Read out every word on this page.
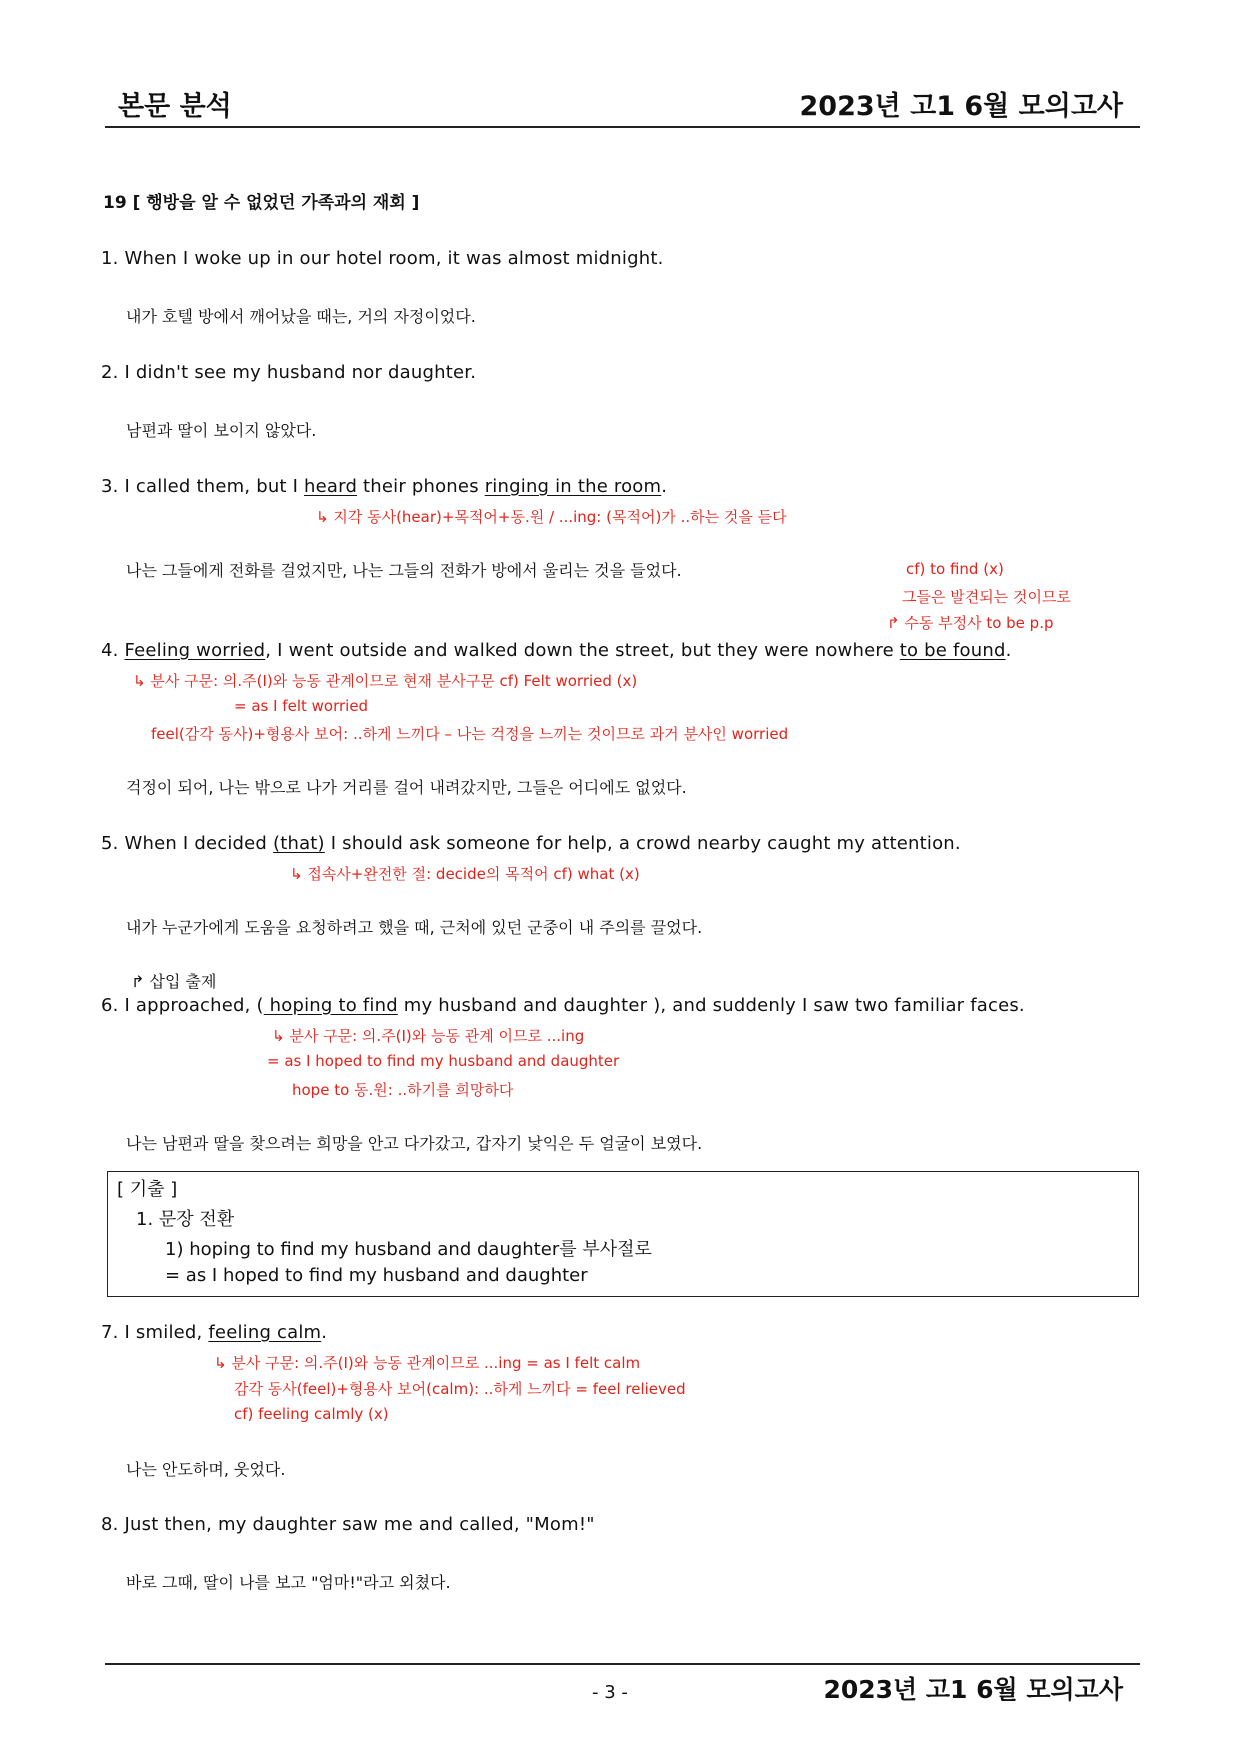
본문 분석	2023년 고1 6월 모의고사
19 [ 행방을 알 수 없었던 가족과의 재회 ]
1. When I woke up in our hotel room, it was almost midnight.
내가 호텔 방에서 깨어났을 때는, 거의 자정이었다.
2. I didn't see my husband nor daughter.
남편과 딸이 보이지 않았다.
3. I called them, but I heard their phones ringing in the room.
↳ 지각 동사(hear)+목적어+동.원 / ...ing: (목적어)가 ..하는 것을 듣다
나는 그들에게 전화를 걸었지만, 나는 그들의 전화가 방에서 울리는 것을 들었다.	cf) to find (x)
그들은 발견되는 것이므로
↱ 수동 부정사 to be p.p
4. Feeling worried, I went outside and walked down the street, but they were nowhere to be found.
↳ 분사 구문: 의.주(I)와 능동 관계이므로 현재 분사구문 cf) Felt worried (x)
= as I felt worried
feel(감각 동사)+형용사 보어: ..하게 느끼다 – 나는 걱정을 느끼는 것이므로 과거 분사인 worried
걱정이 되어, 나는 밖으로 나가 거리를 걸어 내려갔지만, 그들은 어디에도 없었다.
5. When I decided (that) I should ask someone for help, a crowd nearby caught my attention.
↳ 접속사+완전한 절: decide의 목적어 cf) what (x)
내가 누군가에게 도움을 요청하려고 했을 때, 근처에 있던 군중이 내 주의를 끌었다.
↱ 삽입 출제
6. I approached, ( hoping to find my husband and daughter ), and suddenly I saw two familiar faces.
↳ 분사 구문: 의.주(I)와 능동 관계 이므로 ...ing
= as I hoped to find my husband and daughter
hope to 동.원: ..하기를 희망하다
나는 남편과 딸을 찾으려는 희망을 안고 다가갔고, 갑자기 낯익은 두 얼굴이 보였다.
[ 기출 ]
1. 문장 전환
1) hoping to find my husband and daughter를 부사절로
= as I hoped to find my husband and daughter
7. I smiled, feeling calm.
↳ 분사 구문: 의.주(I)와 능동 관계이므로 ...ing = as I felt calm
감각 동사(feel)+형용사 보어(calm): ..하게 느끼다 = feel relieved
cf) feeling calmly (x)
나는 안도하며, 웃었다.
8. Just then, my daughter saw me and called, "Mom!"
바로 그때, 딸이 나를 보고 "엄마!"라고 외쳤다.
- 3 -	2023년 고1 6월 모의고사
